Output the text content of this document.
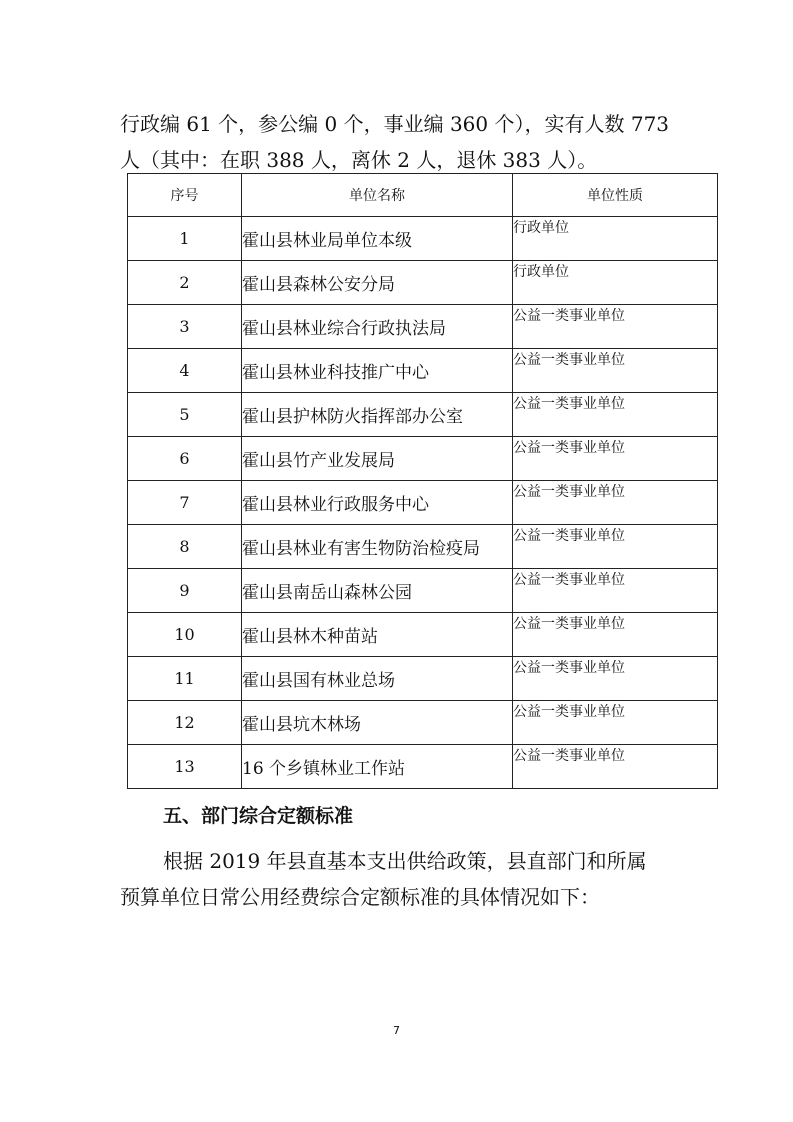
行政编 61 个，参公编 0 个，事业编 360 个），实有人数 773
人（其中：在职 388 人，离休 2 人，退休 383 人）。
序号	单位名称	单位性质
1	霍山县林业局单位本级	行政单位
2	霍山县森林公安分局	行政单位
3	霍山县林业综合行政执法局	公益一类事业单位
4	霍山县林业科技推广中心	公益一类事业单位
5	霍山县护林防火指挥部办公室	公益一类事业单位
6	霍山县竹产业发展局	公益一类事业单位
7	霍山县林业行政服务中心	公益一类事业单位
8	霍山县林业有害生物防治检疫局	公益一类事业单位
9	霍山县南岳山森林公园	公益一类事业单位
10	霍山县林木种苗站	公益一类事业单位
11	霍山县国有林业总场	公益一类事业单位
12	霍山县坑木林场	公益一类事业单位
13	16 个乡镇林业工作站	公益一类事业单位
五、部门综合定额标准
根据 2019 年县直基本支出供给政策，县直部门和所属
预算单位日常公用经费综合定额标准的具体情况如下：
7
